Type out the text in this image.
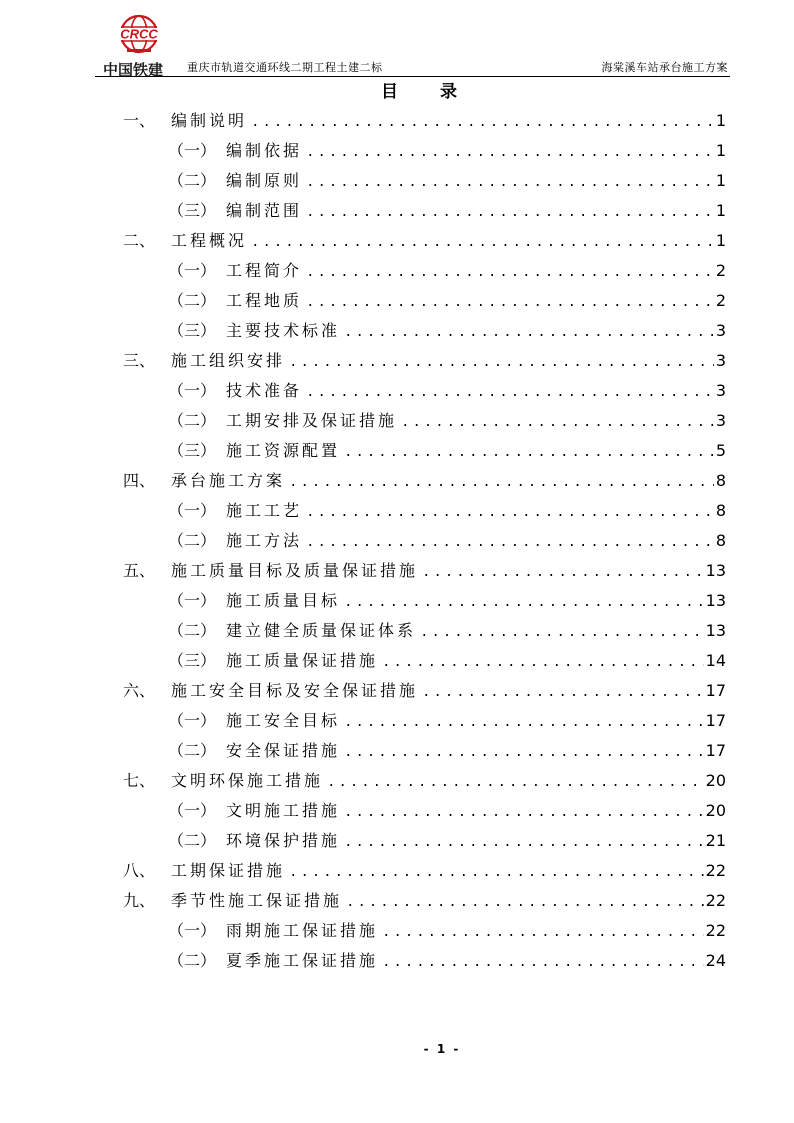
CRCC
中国铁建 重庆市轨道交通环线二期工程土建二标	海棠溪车站承台施工方案
目 录
一、 编制说明 . . .	1
（一） 编制依据 . . .	1
（二） 编制原则 . . .	1
（三） 编制范围 . . .	1
二、 工程概况 . . .	1
（一） 工程简介 . . .	2
（二） 工程地质 . . .	2
（三） 主要技术标准 . . .	3
三、 施工组织安排 . . .	3
（一） 技术准备 . . .	3
（二） 工期安排及保证措施 . . .	3
（三） 施工资源配置 . . .	5
四、 承台施工方案 . . .	8
（一） 施工工艺 . . .	8
（二） 施工方法 . . .	8
五、 施工质量目标及质量保证措施 . . .	13
（一） 施工质量目标 . . .	13
（二） 建立健全质量保证体系 . . .	13
（三） 施工质量保证措施 . . .	14
六、 施工安全目标及安全保证措施 . . .	17
（一） 施工安全目标 . . .	17
（二） 安全保证措施 . . .	17
七、 文明环保施工措施 . . .	20
（一） 文明施工措施 . . .	20
（二） 环境保护措施 . . .	21
八、 工期保证措施 . . .	22
九、 季节性施工保证措施 . . .	22
（一） 雨期施工保证措施 . . .	22
（二） 夏季施工保证措施 . . .	24
- 1 -
